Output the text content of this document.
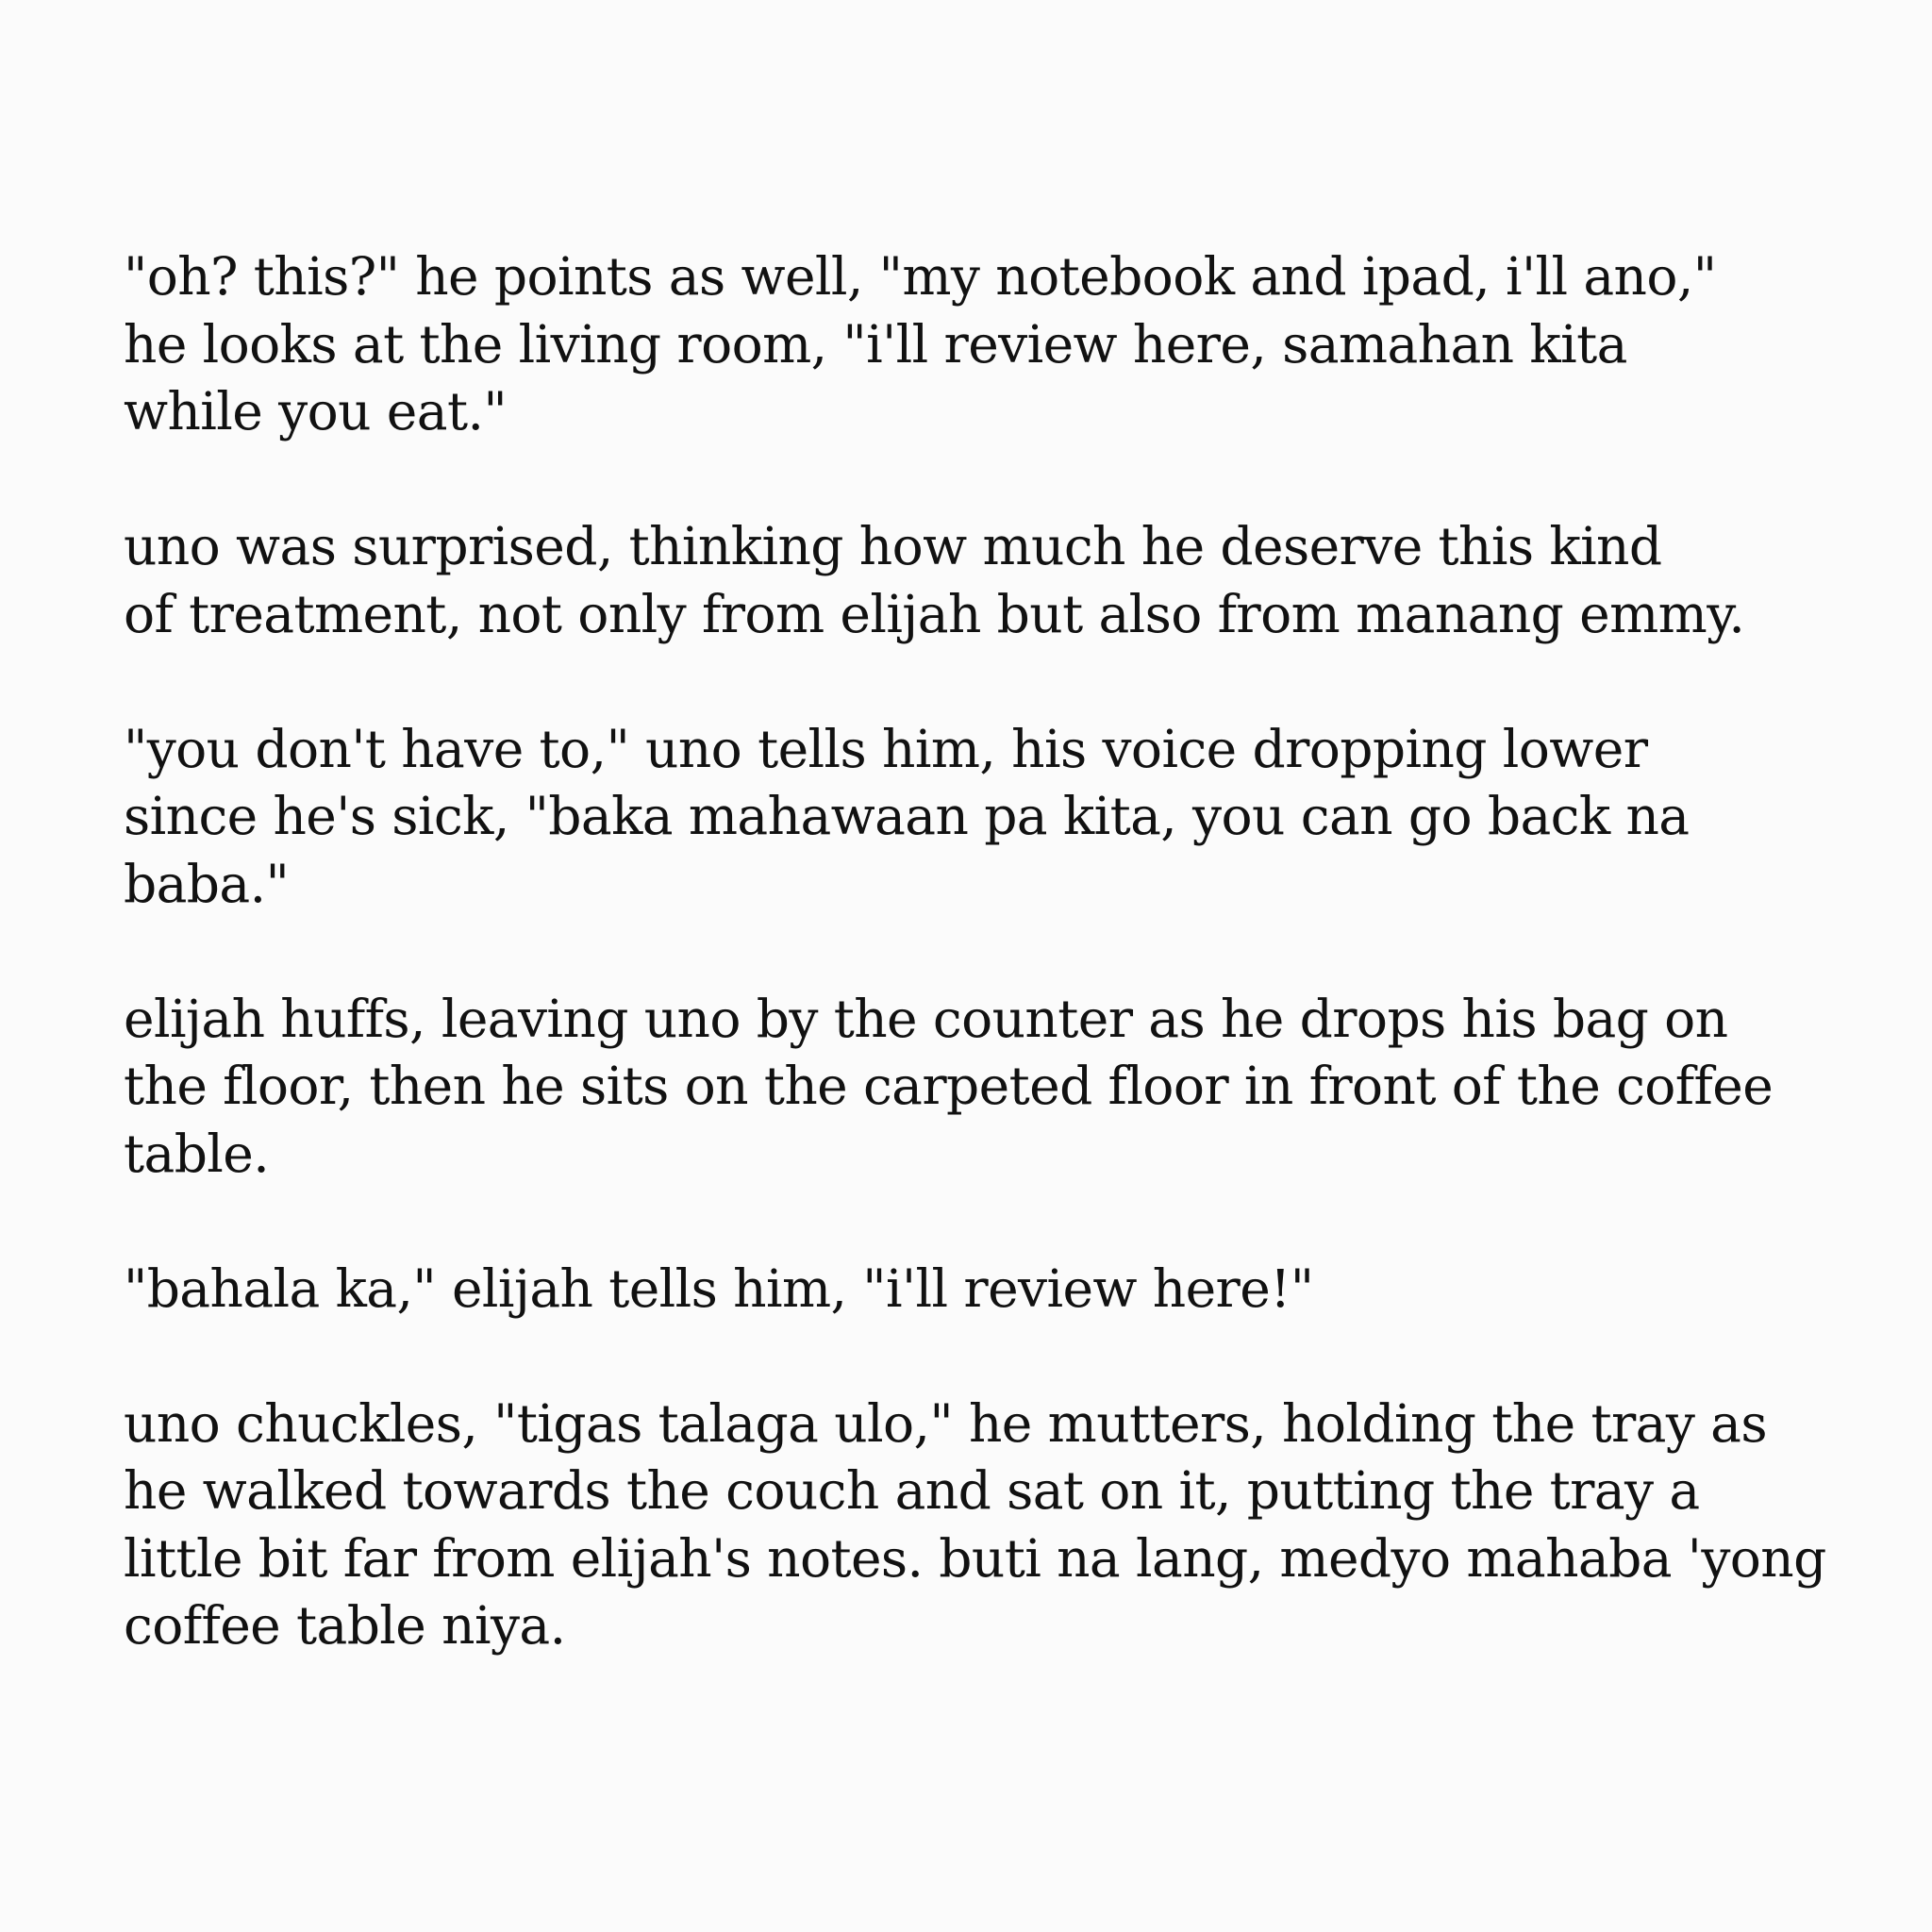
"oh? this?" he points as well, "my notebook and ipad, i'll ano,"
he looks at the living room, "i'll review here, samahan kita
while you eat."

uno was surprised, thinking how much he deserve this kind
of treatment, not only from elijah but also from manang emmy.

"you don't have to," uno tells him, his voice dropping lower
since he's sick, "baka mahawaan pa kita, you can go back na
baba."

elijah huffs, leaving uno by the counter as he drops his bag on
the floor, then he sits on the carpeted floor in front of the coffee
table.

"bahala ka," elijah tells him, "i'll review here!"

uno chuckles, "tigas talaga ulo," he mutters, holding the tray as
he walked towards the couch and sat on it, putting the tray a
little bit far from elijah's notes. buti na lang, medyo mahaba 'yong
coffee table niya.
